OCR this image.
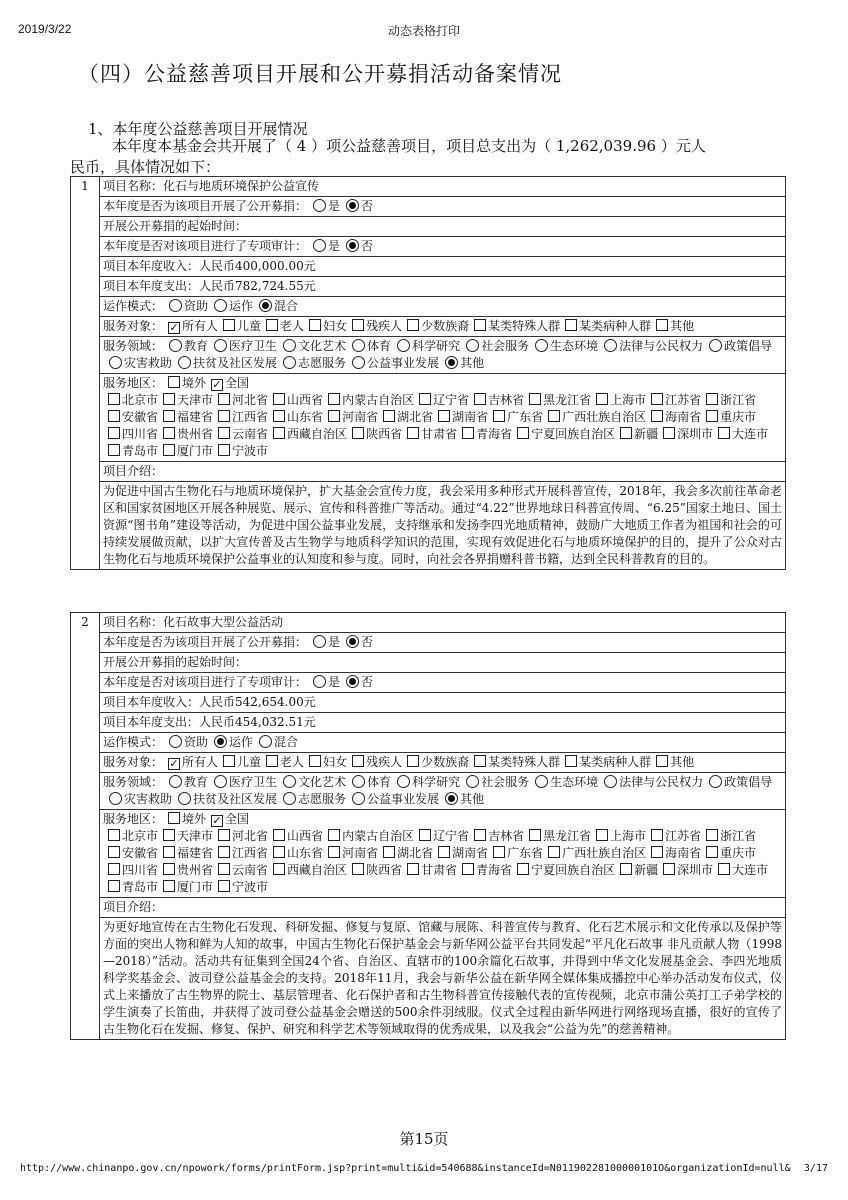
2019/3/22	动态表格打印
（四）公益慈善项目开展和公开募捐活动备案情况
1、本年度公益慈善项目开展情况
本年度本基金会共开展了（ 4 ）项公益慈善项目，项目总支出为（ 1,262,039.96 ）元人
民币，具体情况如下：
1	项目名称：化石与地质环境保护公益宣传
本年度是否为该项目开展了公开募捐： 是 否
开展公开募捐的起始时间：
本年度是否对该项目进行了专项审计： 是 否
项目本年度收入：人民币400,000.00元
项目本年度支出：人民币782,724.55元
运作模式： 资助 运作 混合
服务对象： ✓ 所有人 儿童 老人 妇女 残疾人 少数族裔 某类特殊人群 某类病种人群 其他
服务领域： 教育 医疗卫生 文化艺术 体育 科学研究 社会服务 生态环境 法律与公民权力 政策倡导灾害救助 扶贫及社区发展 志愿服务 公益事业发展 其他
服务地区： 境外 ✓ 全国
北京市 天津市 河北省 山西省 内蒙古自治区 辽宁省 吉林省 黑龙江省 上海市 江苏省 浙江省安徽省 福建省 江西省 山东省 河南省 湖北省 湖南省 广东省 广西壮族自治区 海南省 重庆市四川省 贵州省 云南省 西藏自治区 陕西省 甘肃省 青海省 宁夏回族自治区 新疆 深圳市 大连市青岛市 厦门市 宁波市
项目介绍：
为促进中国古生物化石与地质环境保护，扩大基金会宣传力度，我会采用多种形式开展科普宣传，2018年，我会多次前往革命老区和国家贫困地区开展各种展览、展示、宣传和科普推广等活动。通过“4.22”世界地球日科普宣传周、“6.25”国家土地日、国土资源“图书角”建设等活动，为促进中国公益事业发展，支持继承和发扬李四光地质精神，鼓励广大地质工作者为祖国和社会的可持续发展做贡献，以扩大宣传普及古生物学与地质科学知识的范围，实现有效促进化石与地质环境保护的目的，提升了公众对古生物化石与地质环境保护公益事业的认知度和参与度。同时，向社会各界捐赠科普书籍，达到全民科普教育的目的。
2	项目名称：化石故事大型公益活动
本年度是否为该项目开展了公开募捐： 是 否
开展公开募捐的起始时间：
本年度是否对该项目进行了专项审计： 是 否
项目本年度收入：人民币542,654.00元
项目本年度支出：人民币454,032.51元
运作模式： 资助 运作 混合
服务对象： ✓ 所有人 儿童 老人 妇女 残疾人 少数族裔 某类特殊人群 某类病种人群 其他
服务领域： 教育 医疗卫生 文化艺术 体育 科学研究 社会服务 生态环境 法律与公民权力 政策倡导灾害救助 扶贫及社区发展 志愿服务 公益事业发展 其他
服务地区： 境外 ✓ 全国
北京市 天津市 河北省 山西省 内蒙古自治区 辽宁省 吉林省 黑龙江省 上海市 江苏省 浙江省安徽省 福建省 江西省 山东省 河南省 湖北省 湖南省 广东省 广西壮族自治区 海南省 重庆市四川省 贵州省 云南省 西藏自治区 陕西省 甘肃省 青海省 宁夏回族自治区 新疆 深圳市 大连市青岛市 厦门市 宁波市
项目介绍：
为更好地宣传在古生物化石发现、科研发掘、修复与复原、馆藏与展陈、科普宣传与教育、化石艺术展示和文化传承以及保护等方面的突出人物和鲜为人知的故事，中国古生物化石保护基金会与新华网公益平台共同发起“平凡化石故事 非凡贡献人物（1998—2018）”活动。活动共有征集到全国24个省、自治区、直辖市的100余篇化石故事，并得到中华文化发展基金会、李四光地质科学奖基金会、波司登公益基金会的支持。2018年11月，我会与新华公益在新华网全媒体集成播控中心举办活动发布仪式，仪式上来播放了古生物界的院士、基层管理者、化石保护者和古生物科普宣传接触代表的宣传视频，北京市蒲公英打工子弟学校的学生演奏了长笛曲，并获得了波司登公益基金会赠送的500余件羽绒服。仪式全过程由新华网进行网络现场直播，很好的宣传了古生物化石在发掘、修复、保护、研究和科学艺术等领域取得的优秀成果，以及我会“公益为先”的慈善精神。
第15页
http://www.chinanpo.gov.cn/npowork/forms/printForm.jsp?print=multi&id=540688&instanceId=N01190228100000101O&organizationId=null& 3/17
